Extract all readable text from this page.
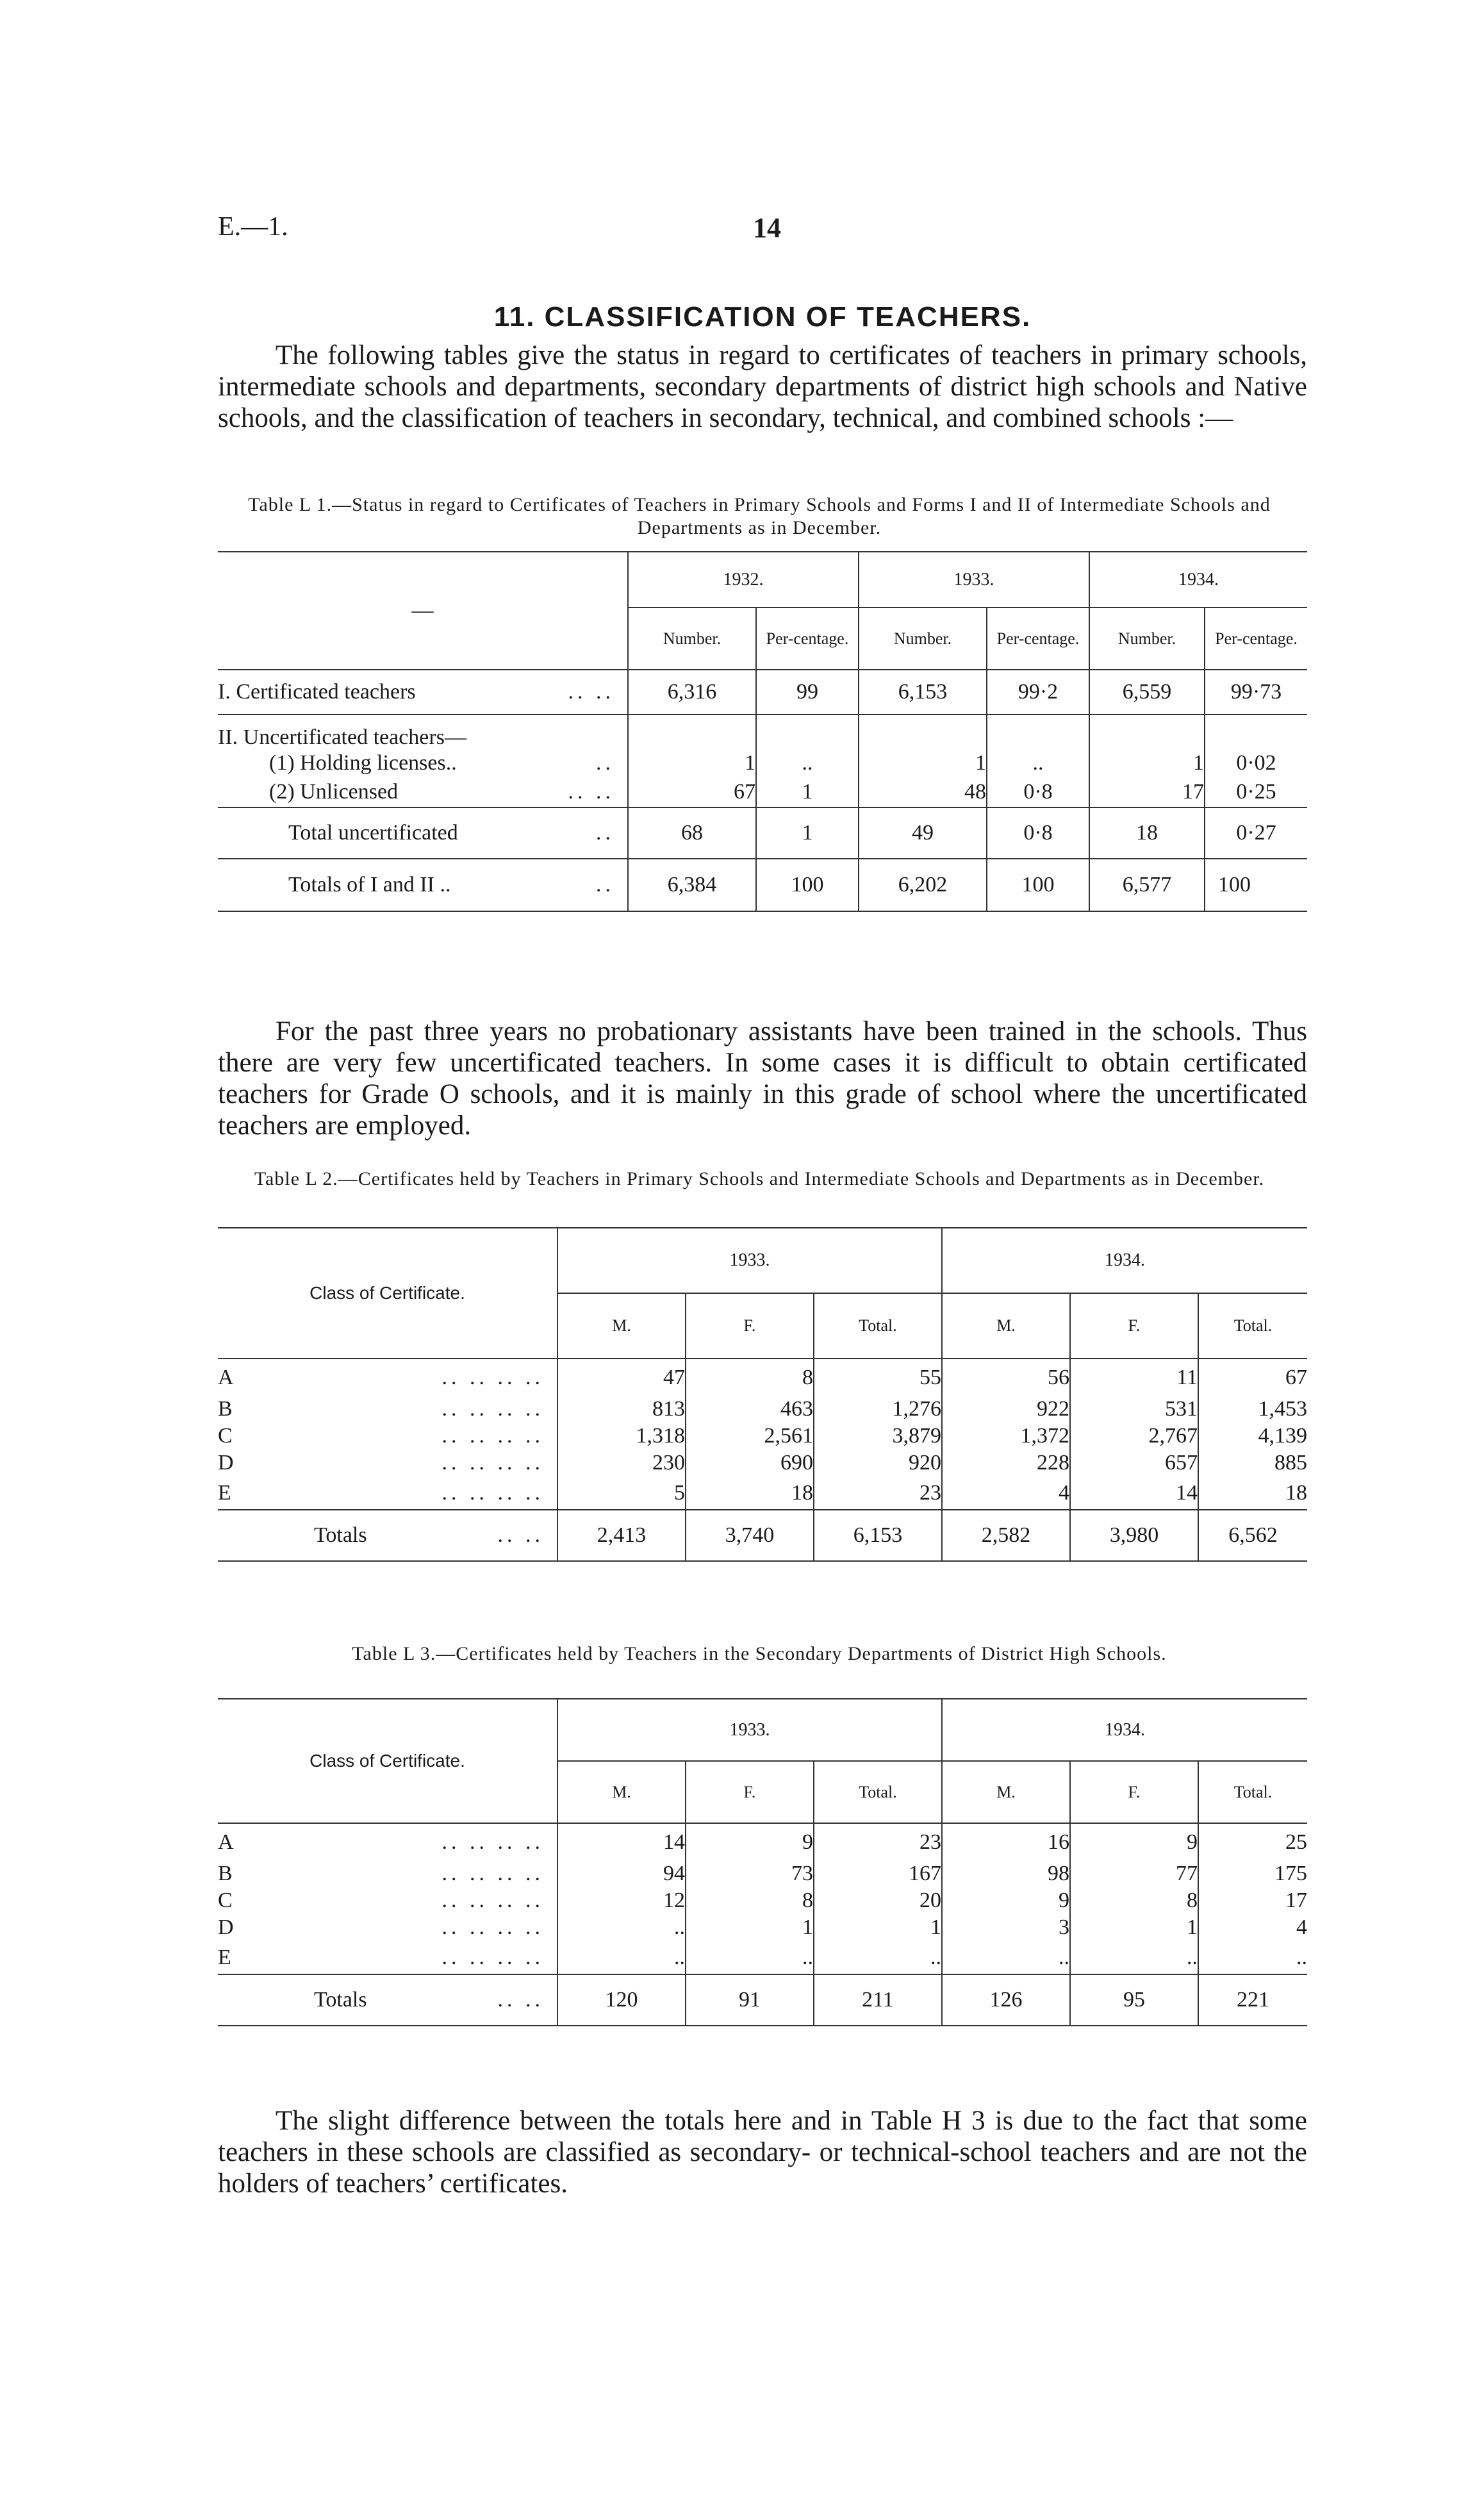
E.—1.	14
11. CLASSIFICATION OF TEACHERS.

The following tables give the status in regard to certificates of teachers in primary schools, intermediate schools and departments, secondary departments of district high schools and Native schools, and the classification of teachers in secondary, technical, and combined schools :—

Table L 1.—Status in regard to Certificates of Teachers in Primary Schools and Forms I and II of Intermediate Schools and Departments as in December.
—	1932.		1933.		1934.	
	Number.	Per-centage.	Number.	Per-centage.	Number.	Per-centage.
I. Certificated teachers .. ..	6,316	99	6,153	99·2	6,559	99·73
II. Uncertificated teachers—						
(1) Holding licenses.. ..	1	..	1	..	1	0·02
(2) Unlicensed .. ..	67	1	48	0·8	17	0·25
Total uncertificated ..	68	1	49	0·8	18	0·27
Totals of I and II .. ..	6,384	100	6,202	100	6,577	100

For the past three years no probationary assistants have been trained in the schools. Thus there are very few uncertificated teachers. In some cases it is difficult to obtain certificated teachers for Grade O schools, and it is mainly in this grade of school where the uncertificated teachers are employed.

Table L 2.—Certificates held by Teachers in Primary Schools and Intermediate Schools and Departments as in December.
Class of Certificate.	1933.			1934.		
	M.	F.	Total.	M.	F.	Total.
A .. .. .. ..	47	8	55	56	11	67
B .. .. .. ..	813	463	1,276	922	531	1,453
C .. .. .. ..	1,318	2,561	3,879	1,372	2,767	4,139
D .. .. .. ..	230	690	920	228	657	885
E .. .. .. ..	5	18	23	4	14	18
Totals .. ..	2,413	3,740	6,153	2,582	3,980	6,562
Table L 3.—Certificates held by Teachers in the Secondary Departments of District High Schools.
Class of Certificate.	1933.			1934.		
	M.	F.	Total.	M.	F.	Total.
A .. .. .. ..	14	9	23	16	9	25
B .. .. .. ..	94	73	167	98	77	175
C .. .. .. ..	12	8	20	9	8	17
D .. .. .. ..	..	1	1	3	1	4
E .. .. .. ..	..	..	..	..	..	..
Totals .. ..	120	91	211	126	95	221

The slight difference between the totals here and in Table H 3 is due to the fact that some teachers in these schools are classified as secondary- or technical-school teachers and are not the holders of teachers’ certificates.
